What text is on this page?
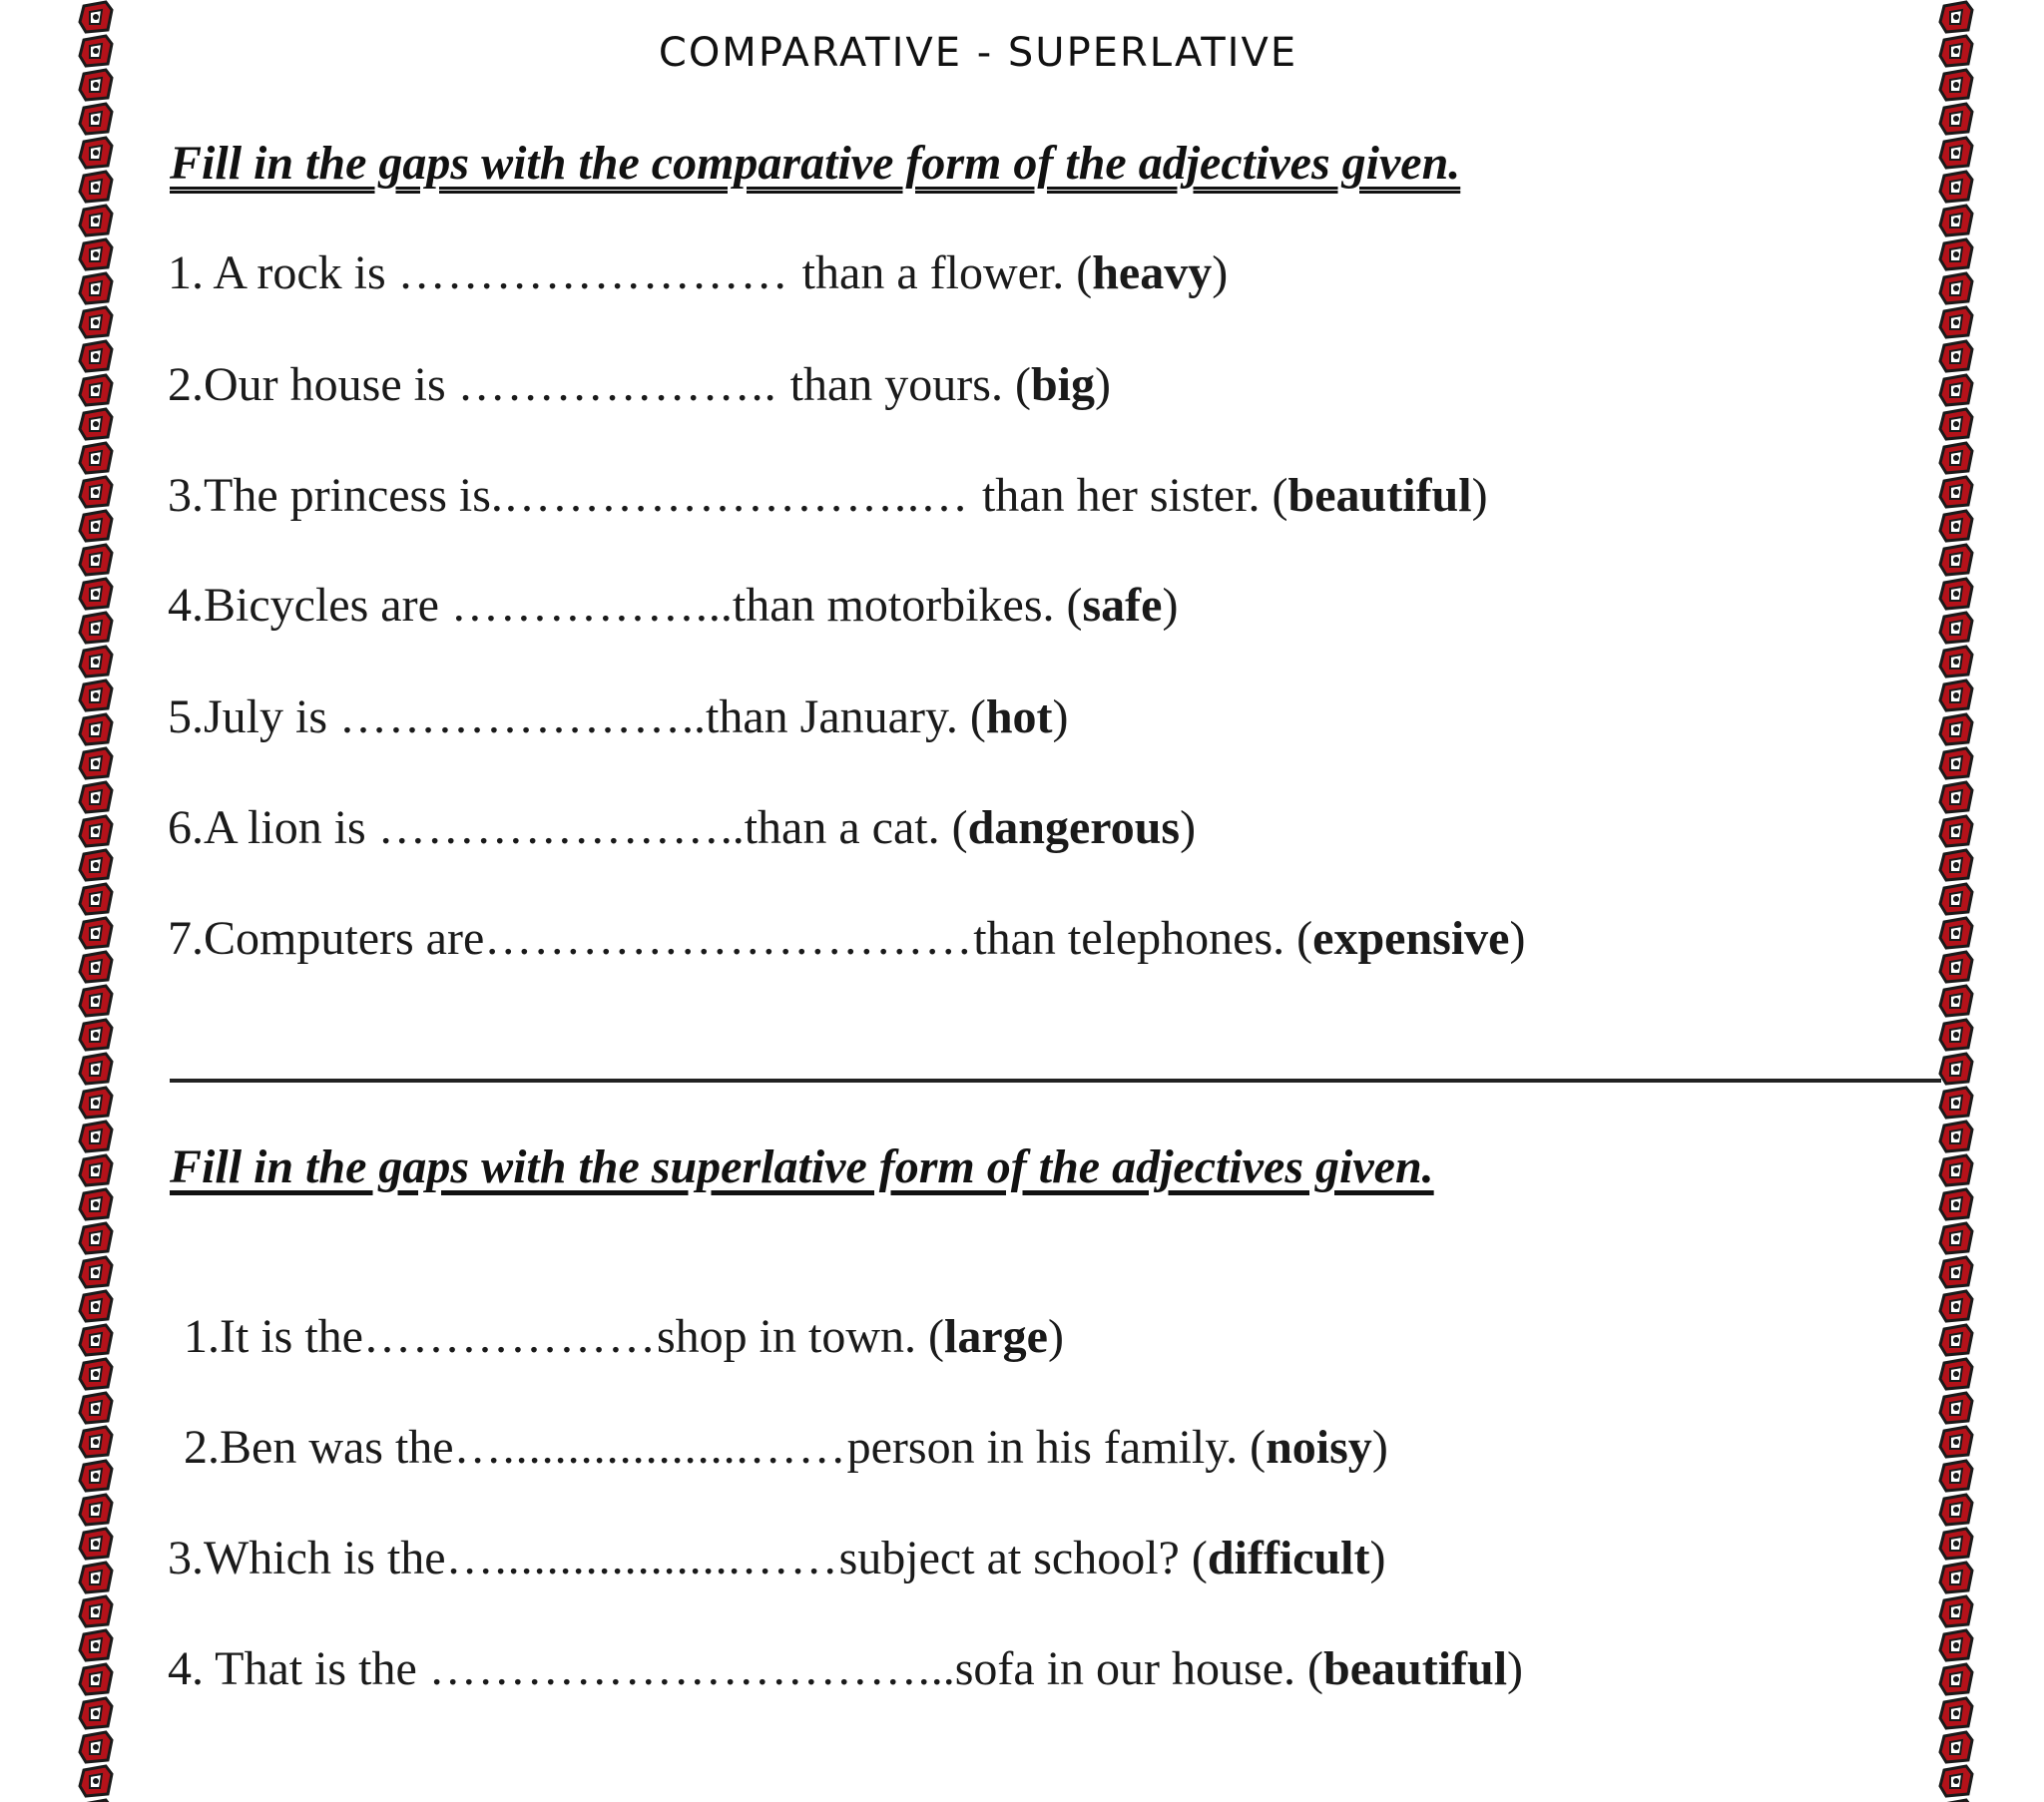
COMPARATIVE - SUPERLATIVE
Fill in the gaps with the comparative form of the adjectives given.
1. A rock is …………………… than a flower. (heavy)
2.Our house is ……………….. than yours. (big)
3.The princess is.……………………..… than her sister. (beautiful)
4.Bicycles are ……………...than motorbikes. (safe)
5.July is …………………..than January. (hot)
6.A lion is …………………..than a cat. (dangerous)
7.Computers are…………………………than telephones. (expensive)
Fill in the gaps with the superlative form of the adjectives given.
1.It is the………………shop in town. (large)
2.Ben was the…...................……person in his family. (noisy)
3.Which is the…...................……subject at school? (difficult)
4. That is the …………………………...sofa in our house. (beautiful)
